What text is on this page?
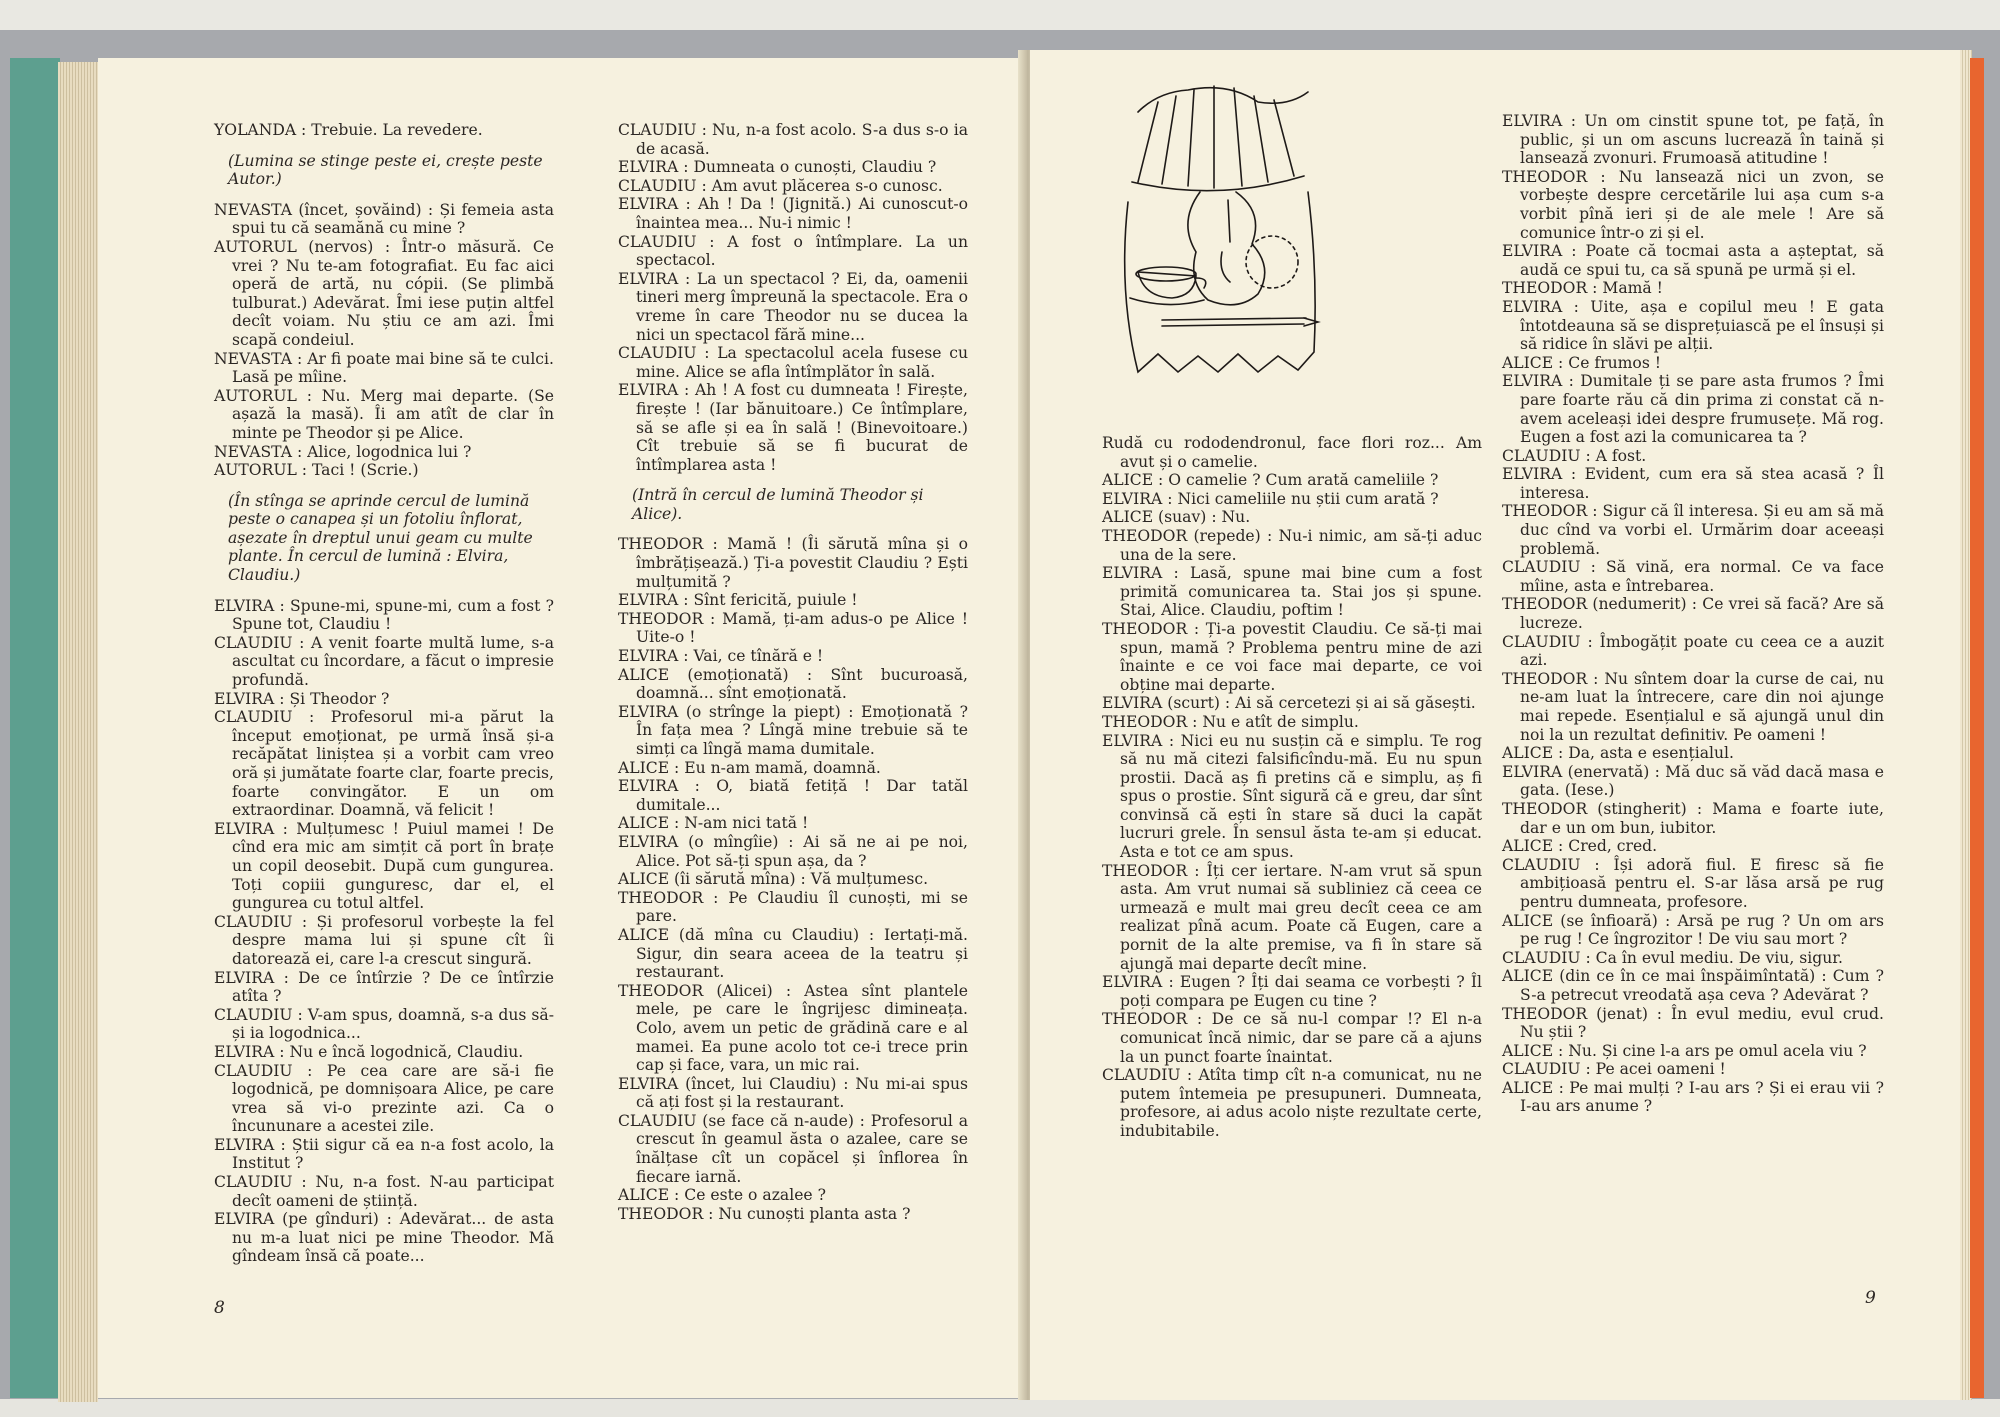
YOLANDA : Trebuie. La revedere.
(Lumina se stinge peste ei, crește peste Autor.)
NEVASTA (încet, șovăind) : Și femeia asta spui tu că seamănă cu mine ?
AUTORUL (nervos) : Într-o măsură. Ce vrei ? Nu te-am fotografiat. Eu fac aici operă de artă, nu cópii. (Se plimbă tulburat.) Adevărat. Îmi iese puțin altfel decît voiam. Nu știu ce am azi. Îmi scapă condeiul.
NEVASTA : Ar fi poate mai bine să te culci. Lasă pe mîine.
AUTORUL : Nu. Merg mai departe. (Se așază la masă). Îi am atît de clar în minte pe Theodor și pe Alice.
NEVASTA : Alice, logodnica lui ?
AUTORUL : Taci ! (Scrie.)
(În stînga se aprinde cercul de lumină peste o canapea și un fotoliu înflorat, așezate în dreptul unui geam cu multe plante. În cercul de lumină : Elvira, Claudiu.)
ELVIRA : Spune-mi, spune-mi, cum a fost ? Spune tot, Claudiu !
CLAUDIU : A venit foarte multă lume, s-a ascultat cu încordare, a făcut o impresie profundă.
ELVIRA : Și Theodor ?
CLAUDIU : Profesorul mi-a părut la început emoționat, pe urmă însă și-a recăpătat liniștea și a vorbit cam vreo oră și jumătate foarte clar, foarte precis, foarte convingător. E un om extraordinar. Doamnă, vă felicit !
ELVIRA : Mulțumesc ! Puiul mamei ! De cînd era mic am simțit că port în brațe un copil deosebit. După cum gungurea. Toți copiii gunguresc, dar el, el gungurea cu totul altfel.
CLAUDIU : Și profesorul vorbește la fel despre mama lui și spune cît îi datorează ei, care l-a crescut singură.
ELVIRA : De ce întîrzie ? De ce întîrzie atîta ?
CLAUDIU : V-am spus, doamnă, s-a dus să-și ia logodnica...
ELVIRA : Nu e încă logodnică, Claudiu.
CLAUDIU : Pe cea care are să-i fie logodnică, pe domnișoara Alice, pe care vrea să vi-o prezinte azi. Ca o încununare a acestei zile.
ELVIRA : Știi sigur că ea n-a fost acolo, la Institut ?
CLAUDIU : Nu, n-a fost. N-au participat decît oameni de știință.
ELVIRA (pe gînduri) : Adevărat... de asta nu m-a luat nici pe mine Theodor. Mă gîndeam însă că poate...
CLAUDIU : Nu, n-a fost acolo. S-a dus s-o ia de acasă.
ELVIRA : Dumneata o cunoști, Claudiu ?
CLAUDIU : Am avut plăcerea s-o cunosc.
ELVIRA : Ah ! Da ! (Jignită.) Ai cunoscut-o înaintea mea... Nu-i nimic !
CLAUDIU : A fost o întîmplare. La un spectacol.
ELVIRA : La un spectacol ? Ei, da, oamenii tineri merg împreună la spectacole. Era o vreme în care Theodor nu se ducea la nici un spectacol fără mine...
CLAUDIU : La spectacolul acela fusese cu mine. Alice se afla întîmplător în sală.
ELVIRA : Ah ! A fost cu dumneata ! Firește, firește ! (Iar bănuitoare.) Ce întîmplare, să se afle și ea în sală ! (Binevoitoare.) Cît trebuie să se fi bucurat de întîmplarea asta !
(Intră în cercul de lumină Theodor și Alice).
THEODOR : Mamă ! (Îi sărută mîna și o îmbrățișează.) Ți-a povestit Claudiu ? Ești mulțumită ?
ELVIRA : Sînt fericită, puiule !
THEODOR : Mamă, ți-am adus-o pe Alice ! Uite-o !
ELVIRA : Vai, ce tînără e !
ALICE (emoționată) : Sînt bucuroasă, doamnă... sînt emoționată.
ELVIRA (o strînge la piept) : Emoționată ? În fața mea ? Lîngă mine trebuie să te simți ca lîngă mama dumitale.
ALICE : Eu n-am mamă, doamnă.
ELVIRA : O, biată fetiță ! Dar tatăl dumitale...
ALICE : N-am nici tată !
ELVIRA (o mîngîie) : Ai să ne ai pe noi, Alice. Pot să-ți spun așa, da ?
ALICE (îi sărută mîna) : Vă mulțumesc.
THEODOR : Pe Claudiu îl cunoști, mi se pare.
ALICE (dă mîna cu Claudiu) : Iertați-mă. Sigur, din seara aceea de la teatru și restaurant.
THEODOR (Alicei) : Astea sînt plantele mele, pe care le îngrijesc dimineața. Colo, avem un petic de grădină care e al mamei. Ea pune acolo tot ce-i trece prin cap și face, vara, un mic rai.
ELVIRA (încet, lui Claudiu) : Nu mi-ai spus că ați fost și la restaurant.
CLAUDIU (se face că n-aude) : Profesorul a crescut în geamul ăsta o azalee, care se înălțase cît un copăcel și înflorea în fiecare iarnă.
ALICE : Ce este o azalee ?
THEODOR : Nu cunoști planta asta ?
8
Rudă cu rododendronul, face flori roz... Am avut și o camelie.
ALICE : O camelie ? Cum arată cameliile ?
ELVIRA : Nici cameliile nu știi cum arată ?
ALICE (suav) : Nu.
THEODOR (repede) : Nu-i nimic, am să-ți aduc una de la sere.
ELVIRA : Lasă, spune mai bine cum a fost primită comunicarea ta. Stai jos și spune. Stai, Alice. Claudiu, poftim !
THEODOR : Ți-a povestit Claudiu. Ce să-ți mai spun, mamă ? Problema pentru mine de azi înainte e ce voi face mai departe, ce voi obține mai departe.
ELVIRA (scurt) : Ai să cercetezi și ai să găsești.
THEODOR : Nu e atît de simplu.
ELVIRA : Nici eu nu susțin că e simplu. Te rog să nu mă citezi falsificîndu-mă. Eu nu spun prostii. Dacă aș fi pretins că e simplu, aș fi spus o prostie. Sînt sigură că e greu, dar sînt convinsă că ești în stare să duci la capăt lucruri grele. În sensul ăsta te-am și educat. Asta e tot ce am spus.
THEODOR : Îți cer iertare. N-am vrut să spun asta. Am vrut numai să subliniez că ceea ce urmează e mult mai greu decît ceea ce am realizat pînă acum. Poate că Eugen, care a pornit de la alte premise, va fi în stare să ajungă mai departe decît mine.
ELVIRA : Eugen ? Îți dai seama ce vorbești ? Îl poți compara pe Eugen cu tine ?
THEODOR : De ce să nu-l compar !? El n-a comunicat încă nimic, dar se pare că a ajuns la un punct foarte înaintat.
CLAUDIU : Atîta timp cît n-a comunicat, nu ne putem întemeia pe presupuneri. Dumneata, profesore, ai adus acolo niște rezultate certe, indubitabile.
ELVIRA : Un om cinstit spune tot, pe față, în public, și un om ascuns lucrează în taină și lansează zvonuri. Frumoasă atitudine !
THEODOR : Nu lansează nici un zvon, se vorbește despre cercetările lui așa cum s-a vorbit pînă ieri și de ale mele ! Are să comunice într-o zi și el.
ELVIRA : Poate că tocmai asta a așteptat, să audă ce spui tu, ca să spună pe urmă și el.
THEODOR : Mamă !
ELVIRA : Uite, așa e copilul meu ! E gata întotdeauna să se disprețuiască pe el însuși și să ridice în slăvi pe alții.
ALICE : Ce frumos !
ELVIRA : Dumitale ți se pare asta frumos ? Îmi pare foarte rău că din prima zi constat că n-avem aceleași idei despre frumusețe. Mă rog. Eugen a fost azi la comunicarea ta ?
CLAUDIU : A fost.
ELVIRA : Evident, cum era să stea acasă ? Îl interesa.
THEODOR : Sigur că îl interesa. Și eu am să mă duc cînd va vorbi el. Urmărim doar aceeași problemă.
CLAUDIU : Să vină, era normal. Ce va face mîine, asta e întrebarea.
THEODOR (nedumerit) : Ce vrei să facă? Are să lucreze.
CLAUDIU : Îmbogățit poate cu ceea ce a auzit azi.
THEODOR : Nu sîntem doar la curse de cai, nu ne-am luat la întrecere, care din noi ajunge mai repede. Esențialul e să ajungă unul din noi la un rezultat definitiv. Pe oameni !
ALICE : Da, asta e esențialul.
ELVIRA (enervată) : Mă duc să văd dacă masa e gata. (Iese.)
THEODOR (stingherit) : Mama e foarte iute, dar e un om bun, iubitor.
ALICE : Cred, cred.
CLAUDIU : Își adoră fiul. E firesc să fie ambițioasă pentru el. S-ar lăsa arsă pe rug pentru dumneata, profesore.
ALICE (se înfioară) : Arsă pe rug ? Un om ars pe rug ! Ce îngrozitor ! De viu sau mort ?
CLAUDIU : Ca în evul mediu. De viu, sigur.
ALICE (din ce în ce mai înspăimîntată) : Cum ? S-a petrecut vreodată așa ceva ? Adevărat ?
THEODOR (jenat) : În evul mediu, evul crud. Nu știi ?
ALICE : Nu. Și cine l-a ars pe omul acela viu ?
CLAUDIU : Pe acei oameni !
ALICE : Pe mai mulți ? I-au ars ? Și ei erau vii ? I-au ars anume ?
9
